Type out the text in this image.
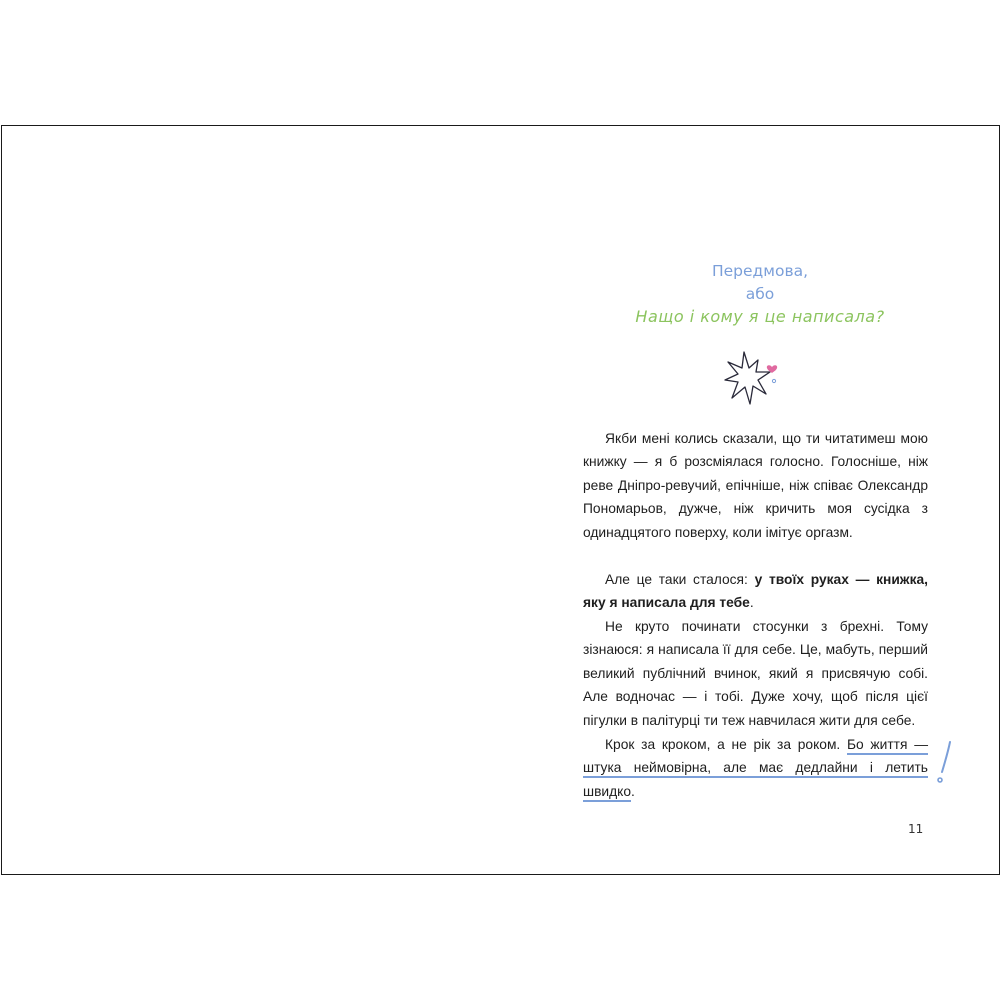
Передмова,
або
Нащо і кому я це написала?

Якби мені колись сказали, що ти читатимеш мою книжку — я б розсміялася голосно. Голосніше, ніж реве Дніпро-ревучий, епічніше, ніж співає Олександр Пономарьов, дужче, ніж кричить моя сусідка з одинадцятого поверху, коли імітує оргазм.

Але це таки сталося: у твоїх руках — книжка, яку я написала для тебе.

Не круто починати стосунки з брехні. Тому зізнаюся: я написала її для себе. Це, мабуть, перший великий публічний вчинок, який я присвячую собі. Але водночас — і тобі. Дуже хочу, щоб після цієї пігулки в палітурці ти теж навчилася жити для себе.

Крок за кроком, а не рік за роком. Бо життя — штука неймовірна, але має дедлайни і летить швидко.

11
